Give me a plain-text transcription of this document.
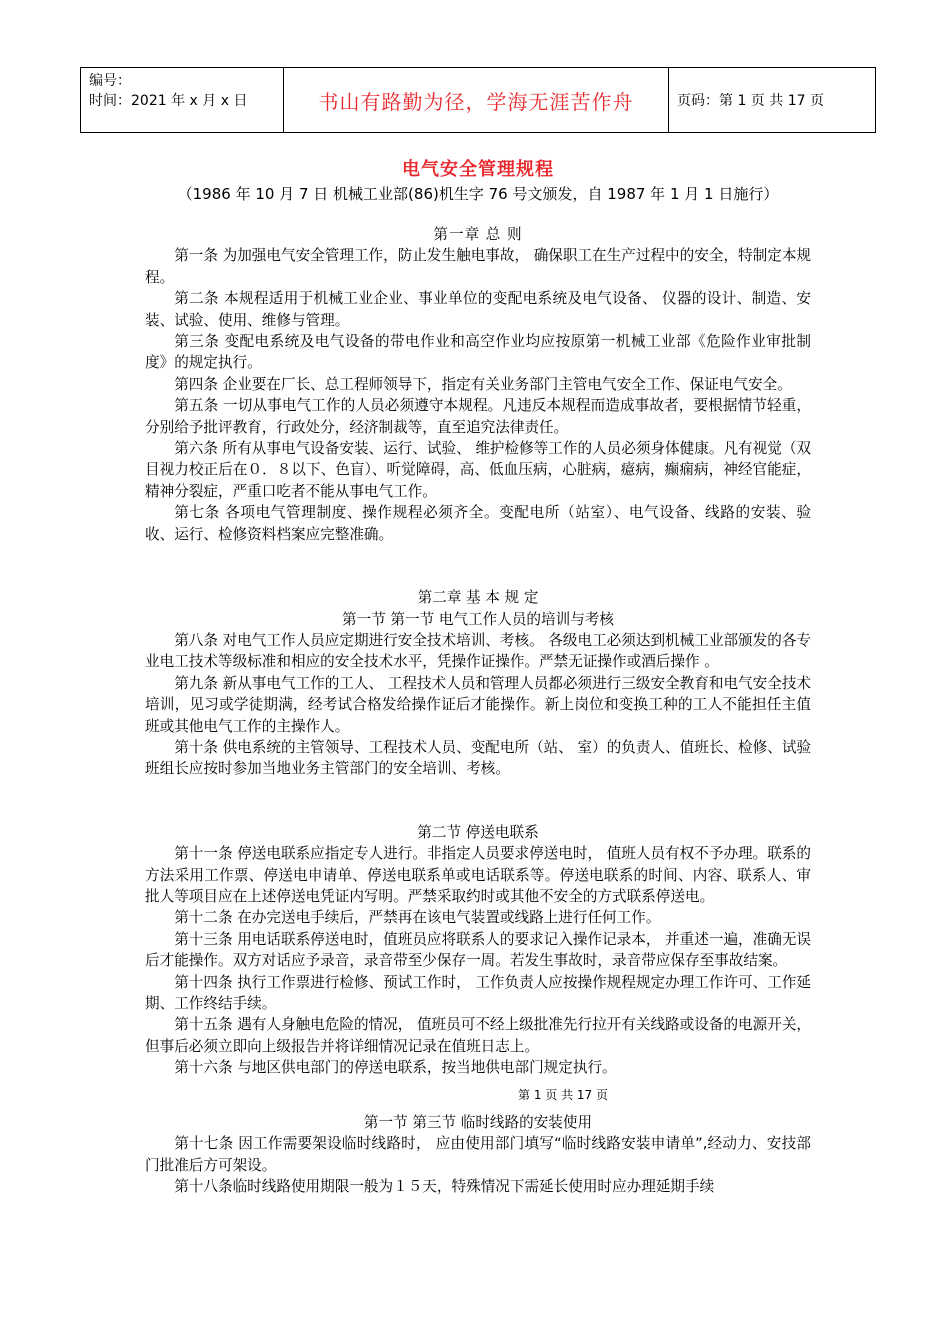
编号：
时间：2021 年 x 月 x 日	书山有路勤为径，学海无涯苦作舟	页码：第 1 页 共 17 页
电气安全管理规程
（1986 年 10 月 7 日 机械工业部(86)机生字 76 号文颁发，自 1987 年 1 月 1 日施行）
第一章 总 则

第一条 为加强电气安全管理工作，防止发生触电事故， 确保职工在生产过程中的安全，特制定本规程。

第二条 本规程适用于机械工业企业、事业单位的变配电系统及电气设备、 仪器的设计、制造、安装、试验、使用、维修与管理。

第三条 变配电系统及电气设备的带电作业和高空作业均应按原第一机械工业部《危险作业审批制度》的规定执行。

第四条 企业要在厂长、总工程师领导下，指定有关业务部门主管电气安全工作、保证电气安全。

第五条 一切从事电气工作的人员必须遵守本规程。凡违反本规程而造成事故者，要根据情节轻重，分别给予批评教育，行政处分，经济制裁等，直至追究法律责任。

第六条 所有从事电气设备安装、运行、试验、 维护检修等工作的人员必须身体健康。凡有视觉（双目视力校正后在０．８以下、色盲）、听觉障碍，高、低血压病，心脏病，癔病，癫痫病，神经官能症，精神分裂症，严重口吃者不能从事电气工作。

第七条 各项电气管理制度、操作规程必须齐全。变配电所（站室）、电气设备、线路的安装、验收、运行、检修资料档案应完整准确。

第二章 基 本 规 定
第一节 第一节 电气工作人员的培训与考核

第八条 对电气工作人员应定期进行安全技术培训、考核。 各级电工必须达到机械工业部颁发的各专业电工技术等级标准和相应的安全技术水平，凭操作证操作。严禁无证操作或酒后操作 。

第九条 新从事电气工作的工人、 工程技术人员和管理人员都必须进行三级安全教育和电气安全技术培训，见习或学徒期满，经考试合格发给操作证后才能操作。新上岗位和变换工种的工人不能担任主值班或其他电气工作的主操作人。

第十条 供电系统的主管领导、工程技术人员、变配电所（站、 室）的负责人、值班长、检修、试验班组长应按时参加当地业务主管部门的安全培训、考核。

第二节 停送电联系

第十一条 停送电联系应指定专人进行。非指定人员要求停送电时， 值班人员有权不予办理。联系的方法采用工作票、停送电申请单、停送电联系单或电话联系等。停送电联系的时间、内容、联系人、审批人等项目应在上述停送电凭证内写明。严禁采取约时或其他不安全的方式联系停送电。

第十二条 在办完送电手续后，严禁再在该电气装置或线路上进行任何工作。

第十三条 用电话联系停送电时，值班员应将联系人的要求记入操作记录本， 并重述一遍，准确无误后才能操作。双方对话应予录音，录音带至少保存一周。若发生事故时，录音带应保存至事故结案。

第十四条 执行工作票进行检修、预试工作时， 工作负责人应按操作规程规定办理工作许可、工作延期、工作终结手续。

第十五条 遇有人身触电危险的情况， 值班员可不经上级批准先行拉开有关线路或设备的电源开关，但事后必须立即向上级报告并将详细情况记录在值班日志上。

第十六条 与地区供电部门的停送电联系，按当地供电部门规定执行。

第 1 页 共 17 页
第一节 第三节 临时线路的安装使用

第十七条 因工作需要架设临时线路时， 应由使用部门填写“临时线路安装申请单”,经动力、安技部门批准后方可架设。

第十八条临时线路使用期限一般为１５天，特殊情况下需延长使用时应办理延期手续
